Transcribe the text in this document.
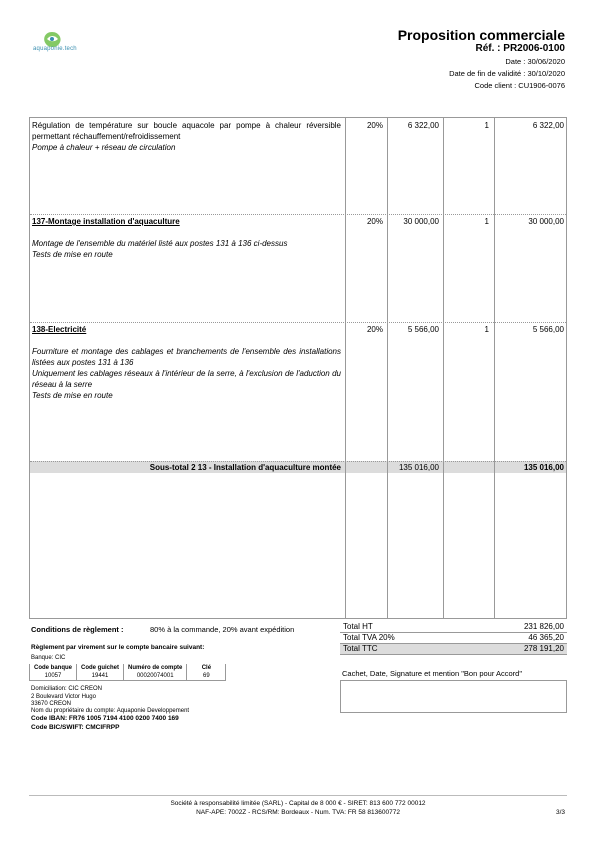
aquaponie.tech
Proposition commerciale
Réf. : PR2006-0100
Date : 30/06/2020
Date de fin de validité : 30/10/2020
Code client : CU1906-0076
Régulation de température sur boucle aquacole par pompe à chaleur réversible permettant réchauffement/refroidissement
Pompe à chaleur + réseau de circulation
20%	6 322,00	1	6 322,00
137-Montage installation d'aquaculture
Montage de l'ensemble du matériel listé aux postes 131 à 136 ci-dessus
Tests de mise en route
20%	30 000,00	1	30 000,00
138-Electricité
Fourniture et montage des cablages et branchements de l'ensemble des installations listées aux postes 131 à 136
Uniquement les cablages réseaux à l'intérieur de la serre, à l'exclusion de l'aduction du réseau à la serre
Tests de mise en route
20%	5 566,00	1	5 566,00
Sous-total 2 13 - Installation d'aquaculture montée	135 016,00	135 016,00
Conditions de règlement :	80% à la commande, 20% avant expédition
Règlement par virement sur le compte bancaire suivant:
Banque: CIC
Code banque	Code guichet	Numéro de compte	Clé
10057	19441	00020074001	69
Domiciliation: CIC CREON
2 Boulevard Victor Hugo
33670 CREON
Nom du propriétaire du compte: Aquaponie Developpement
Code IBAN: FR76 1005 7194 4100 0200 7400 169
Code BIC/SWIFT: CMCIFRPP
Total HT	231 826,00
Total TVA 20%	46 365,20
Total TTC	278 191,20
Cachet, Date, Signature et mention "Bon pour Accord"
Société à responsabilité limitée (SARL) - Capital de 8 000 € - SIRET: 813 600 772 00012
NAF-APE: 7002Z - RCS/RM: Bordeaux - Num. TVA: FR 58 813600772	3/3
